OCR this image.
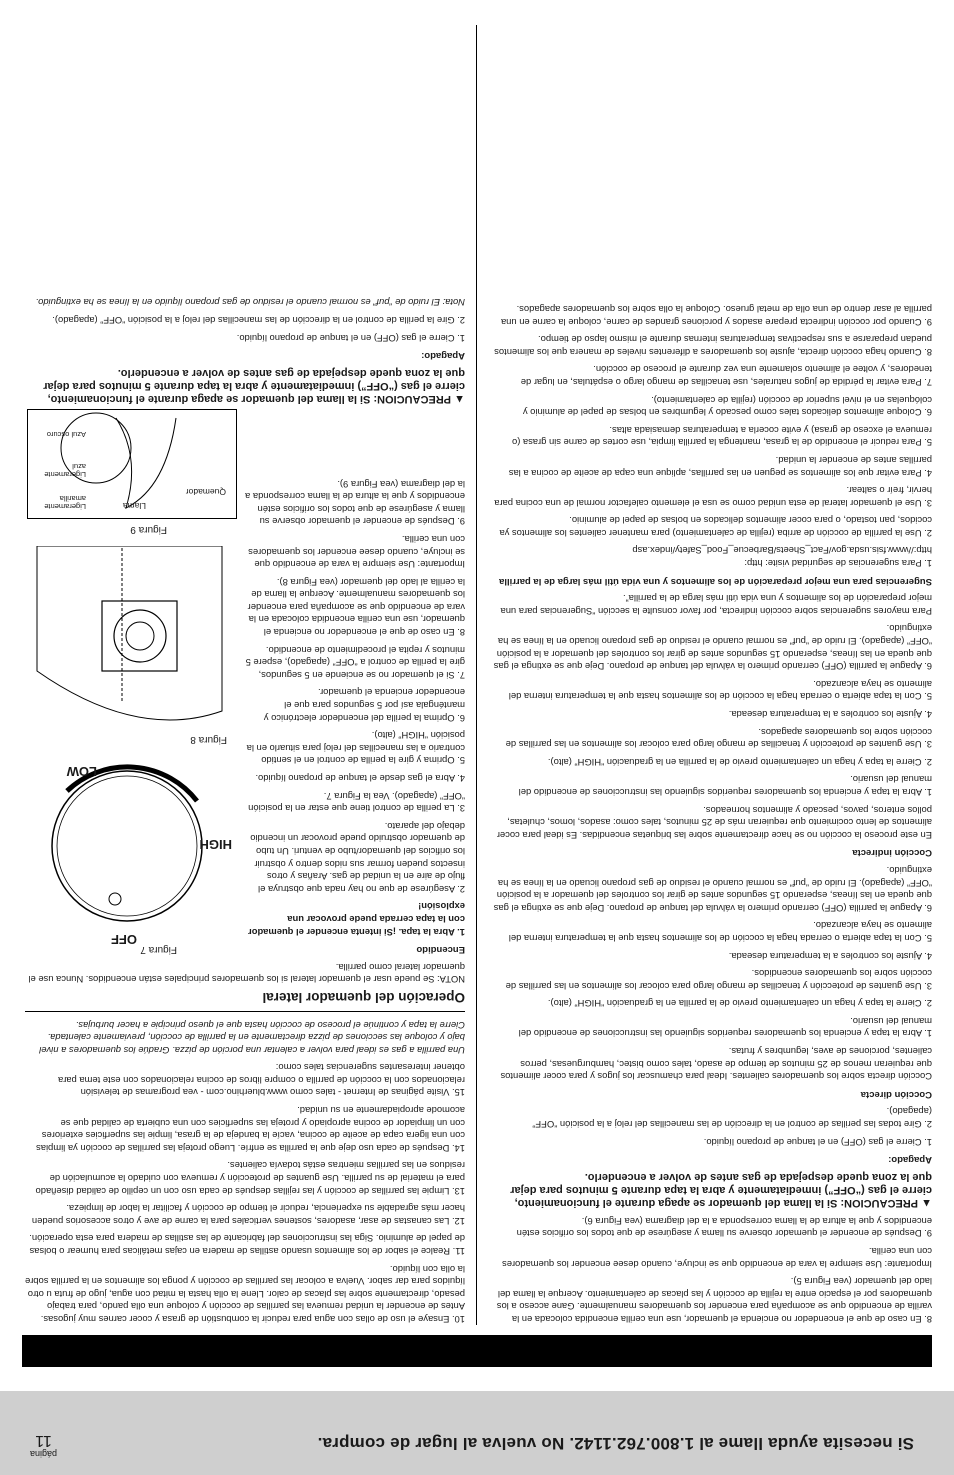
Si necesita ayuda llame al 1.800.762.1142. No vuelva al lugar de compra.
página
11

8. En caso de que el encendedor no encienda el quemador, use una cerilla encendida colocada en la varilla de encendido que se acompaña para encender los quemadores manualmente. Gane acceso a los quemadores por el espacio entre la rejilla de cocción y las placas de calentamiento. Acerque la llama del lado del quemador (vea Figura 5).

Importante: Use siempre la vara de encendido que se incluye, cuando desee encender los quemadores con una cerilla.

9. Después de encender el quemador observe su llama y asegúrese de que todos los orificios estén encendidos y que la altura de la llama corresponda a la del diagrama (vea Figura 6).

▲ PRECAUCION: Si la llama del quemador se apaga durante el funcionamiento, cierre el gas (“OFF”) inmediatamente y abra la tapa durante 5 minutos para dejar que la zona quede despejada de gas antes de volver a encenderlo.

Apagado:

1. Cierre el gas (OFF) en el tanque de propano líquido.

2. Gire todas las perillas de control en la dirección de las manecillas del reloj a la posición “OFF” (apagado).

Cocción directa

Cocción directa sobre los quemadores calientes. Ideal para chamuscar los jugos y para cocer alimentos que requieran menos de 25 minutos de tiempo de asado, tales como bistec, hamburguesas, perros calientes, porciones de aves, legumbres y frutas.

1. Abra la tapa y encienda los quemadores requeridos siguiendo las instrucciones de encendido del manual del usuario.

2. Cierre la tapa y haga un calentamiento previo de la parrilla en la graduación “HIGH” (alto).

3. Use guantes de protección y tenacillas de mango largo para colocar los alimentos en las parrillas de cocción sobre los quemadores encendidos.

4. Ajuste los controles a la temperatura deseada.

5. Con la tapa abierta o cerrada haga la cocción de los alimentos hasta que la temperatura interna del alimento se haya alcanzado.

6. Apague la parrilla (OFF) cerrando primero la válvula del tanque de propano. Deje que se extinga el gas que queda en las líneas, esperando 15 segundos antes de girar los controles del quemador a la posición “OFF” (apagado). El ruido de “puf” es normal cuando el residuo de gas propano licuado en la línea se ha extinguido.

Cocción indirecta

En este proceso la cocción no se hace directamente sobre las briquetas encendidas. Es ideal para cocer alimentos de lento cocimiento que requieran más de 25 minutos, tales como: asados, lomos, chuletas, pollos enteros, pavos, pescado y alimentos horneados.

1. Abra la tapa y encienda los quemadores requeridos siguiendo las instrucciones de encendido del manual del usuario.

2. Cierre la tapa y haga un calentamiento previo de la parrilla en la graduación “HIGH” (alto).

3. Use guantes de protección y tenacillas de mango largo para colocar los alimentos en las parrillas de cocción sobre los quemadores apagados.

4. Ajuste los controles a la temperatura deseada.

5. Con la tapa abierta o cerrada haga la cocción de los alimentos hasta que la temperatura interna del alimento se haya alcanzado.

6. Apague la parrilla (OFF) cerrando primero la válvula del tanque de propano. Deje que se extinga el gas que queda en las líneas, esperando 15 segundos antes de girar los controles del quemador a la posición “OFF” (apagado). El ruido de “puf” es normal cuando el residuo de gas propano licuado en la línea se ha extinguido.

Para mayores sugerencias sobre cocción indirecta, por favor consulte la sección “Sugerencias para una mejor preparación de los alimentos y una vida útil más larga de la parrilla”.

Sugerencias para una mejor preparación de los alimentos y una vida útil más larga de la parrilla

1. Para sugerencias de seguridad visite: http: http://www.fsis.usda.gov/Fact_Sheets/Barbecue_Food_Safety/index.asp

2. Use la parrilla de cocción de arriba (rejilla de calentamiento) para mantener calientes los alimentos ya cocidos, pan tostado, o para cocer alimentos delicados en bolsas de papel de aluminio.

3. Use el quemador lateral de esta unidad como se usa el elemento calefactor normal de una cocina para hervir, freír o saltear.

4. Para evitar que los alimentos se peguen en las parrillas, aplique una capa de aceite de cocina a las parrillas antes de encender la unidad.

5. Para reducir el encendido de la grasa, mantenga la parrilla limpia, use cortes de carne sin grasa (o remueva el exceso de grasa) y evite cocerla a temperaturas demasiada altas.

6. Coloque alimentos delicados tales como pescado y legumbres en bolsas de papel de aluminio y colóquelas en el nivel superior de cocción (rejilla de calentamiento).

7. Para evitar la pérdida de jugos naturales, use tenacillas de mango largo o espátulas, en lugar de tenedores, y voltee el alimento solamente una vez durante el proceso de cocción.

8. Cuando haga cocción directa, ajuste los quemadores a diferentes niveles de manera que los alimentos puedan prepararse a sus respectivas temperaturas internas durante el mismo lapso de tiempo.

9. Cuando por cocción indirecta prepare asados y porciones grandes de carne, coloque la carne en una parrilla al asar dentro de una olla de metal grueso. Coloque la olla sobre los quemadores apagados.

10. Ensaye el uso de ollas con agua para reducir la combustión de grasa y cocer carnes muy jugosas. Antes de encender la unidad remueva las parrillas de cocción y coloque una olla pando, para trabajo pesado, directamente sobre las placas de calor. Llene la olla hasta la mitad con agua, jugo de fruta u otro líquidos para dar sabor. Vuelva a colocar las parrillas de cocción y ponga los alimentos en la parrilla sobre la olla con líquido.

11. Realce el sabor de los alimentos usando astillas de madera en cajas metálicas para humear o bolsas de papel de aluminio. Siga las instrucciones del fabricante de las astillas de madera para esta operación.

12. Las canastas de asar, asadores, sostenes verticales para la carne de ave y otros accesorios pueden hacer más agradable su experiencia, reducir el tiempo de cocción y facilitar la labor de limpieza.

13. Limpie las parrillas de cocción y las rejillas después de cada uso con un cepillo de calidad diseñado para el material de su parrilla. Use guantes de protección y remueva con cuidado la acumulación de residuos en las parrillas mientras estás todavía calientes.

14. Después de cada uso deje que la parrilla se enfríe. Luego proteja las parrillas de cocción ya limpias con una ligera capa de aceite de cocina, vacíe la bandeja de la grasa, limpie las superficies exteriores con un limpiador de cocina apropiado y proteja las superficies con una cubierta de calidad que se acomode apropiadamente en su unidad.

15. Visite páginas de Internet - tales como www.bluerhino.com - vea programas de televisión relacionados con la cocción de parrilla o compre libros de cocina relacionados con este tema para obtener interesantes sugerencias tales como:

Una parrilla a gas es ideal para volver a calentar una porción de pizza. Gradúe los quemadores a nivel bajo y coloque las secciones de pizza directamente en la parrilla de cocción, previamente calentada. Cierre la tapa y continúe el proceso de cocción hasta que el queso principie a hacer burbujas.

Operación del quemador lateral

NOTA: Se puede usar el quemador lateral si los quemadores principales están encendidos. Nunca use el quemador lateral como parrilla.

Encendido

1. Abra la tapa. ¡Si intenta encender el quemador con la tapa cerrada puede provocar una explosión!

2. Asegúrese de que no hay nada que obstruya el flujo de aire en la unidad de gas. Arañas y otros insectos pueden formar sus nidos dentro y obstruir los orificios del quemador/tubo de venturi. Un tubo de quemador obstruido puede provocar un incendio debajo del aparato.

3. La perilla de control tiene que estar en la posición “OFF” (apagado). Vea la Figura 7.

4. Abra el gas desde el tanque de propano líquido.

5. Oprima y gire la perilla de control en el sentido contrario a las manecillas del reloj para situarlo en la posición “HIGH” (alto).

6. Oprima la perilla del encendedor electrónico y manténgala así por 5 segundos para que el encendedor encienda el quemador.

7. Si el quemador no se enciende en 5 segundos, gire la perilla de control a “OFF” (apagado), espere 5 minutos y repita el procedimiento de encendido.

8. En caso de que el encendedor no encienda el quemador, use una cerilla encendida colocada en la vara de encendido que se acompaña para encender los quemadores manualmente. Acerque la llama de la cerilla al lado del quemador (vea Figura 8).

Importante: Use siempre la vara de encendido que se incluye, cuando desee encender los quemadores con una cerilla.

9. Después de encender el quemador observe su llama y asegúrese de que todos los orificios estén encendidos y que la altura de la llama corresponda a la del diagrama (vea Figura 9).

Figura 7
OFF
HIGH
LOW
Figura 8
Figura 9
Quemador
Llama
Ligeramente amarilla
Ligeramente azul
Azul oscuro

▲ PRECAUCION: Si la llama del quemador se apaga durante el funcionamiento, cierre el gas (“OFF”) inmediatamente y abra la tapa durante 5 minutos para dejar que la zona quede despejada de gas antes de volver a encenderlo.

Apagado:

1. Cierre el gas (OFF) en el tanque de propano líquido.

2. Gire la perilla de control en la dirección de las manecillas del reloj a la posición “OFF” (apagado).

Nota: El ruido de “puf” es normal cuando el residuo de gas propano líquido en la línea se ha extinguido.
